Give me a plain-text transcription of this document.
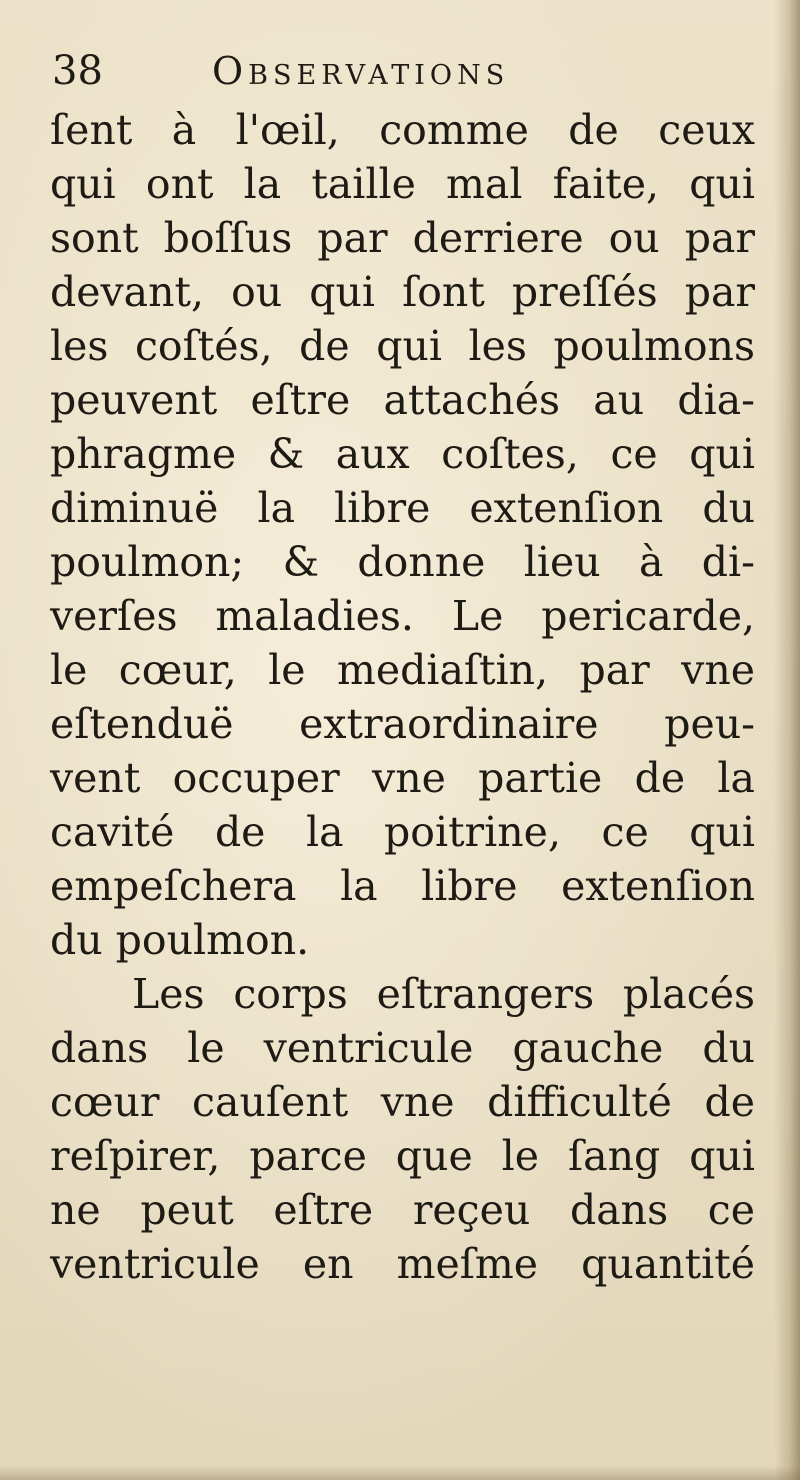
38	Observations
ſent à l'œil, comme de ceux
qui ont la taille mal faite, qui
sont boſſus par derriere ou par
devant, ou qui ſont preſſés par
les coſtés, de qui les poulmons
peuvent eſtre attachés au dia-
phragme & aux coſtes, ce qui
diminuë la libre extenſion du
poulmon; & donne lieu à di-
verſes maladies. Le pericarde,
le cœur, le mediaſtin, par vne
eſtenduë extraordinaire peu-
vent occuper vne partie de la
cavité de la poitrine, ce qui
empeſchera la libre extenſion
du poulmon.
Les corps eſtrangers placés
dans le ventricule gauche du
cœur cauſent vne difficulté de
reſpirer, parce que le ſang qui
ne peut eſtre reçeu dans ce
ventricule en meſme quantité
